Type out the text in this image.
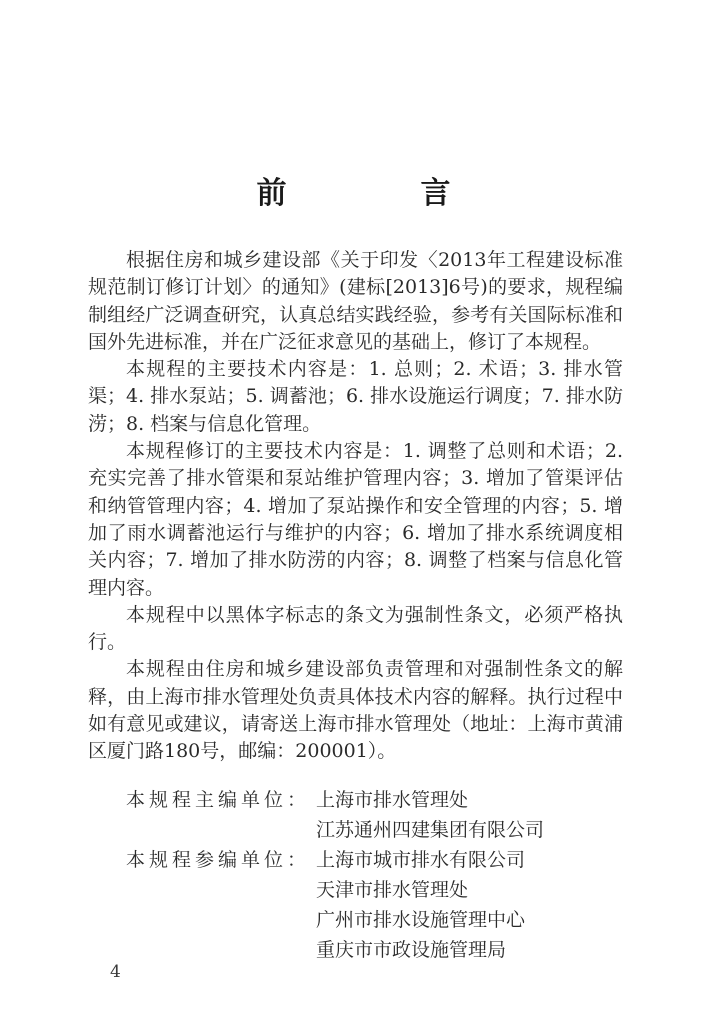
前　言

根据住房和城乡建设部《关于印发〈2013年工程建设标准规范制订修订计划〉的通知》(建标[2013]6号)的要求，规程编制组经广泛调查研究，认真总结实践经验，参考有关国际标准和国外先进标准，并在广泛征求意见的基础上，修订了本规程。

本规程的主要技术内容是：1. 总则；2. 术语；3. 排水管渠；4. 排水泵站；5. 调蓄池；6. 排水设施运行调度；7. 排水防涝；8. 档案与信息化管理。

本规程修订的主要技术内容是：1. 调整了总则和术语；2. 充实完善了排水管渠和泵站维护管理内容；3. 增加了管渠评估和纳管管理内容；4. 增加了泵站操作和安全管理的内容；5. 增加了雨水调蓄池运行与维护的内容；6. 增加了排水系统调度相关内容；7. 增加了排水防涝的内容；8. 调整了档案与信息化管理内容。

本规程中以黑体字标志的条文为强制性条文，必须严格执行。

本规程由住房和城乡建设部负责管理和对强制性条文的解释，由上海市排水管理处负责具体技术内容的解释。执行过程中如有意见或建议，请寄送上海市排水管理处（地址：上海市黄浦区厦门路180号，邮编：200001）。

本规程主编单位： 上海市排水管理处
江苏通州四建集团有限公司
本规程参编单位： 上海市城市排水有限公司
天津市排水管理处
广州市排水设施管理中心
重庆市市政设施管理局
4
